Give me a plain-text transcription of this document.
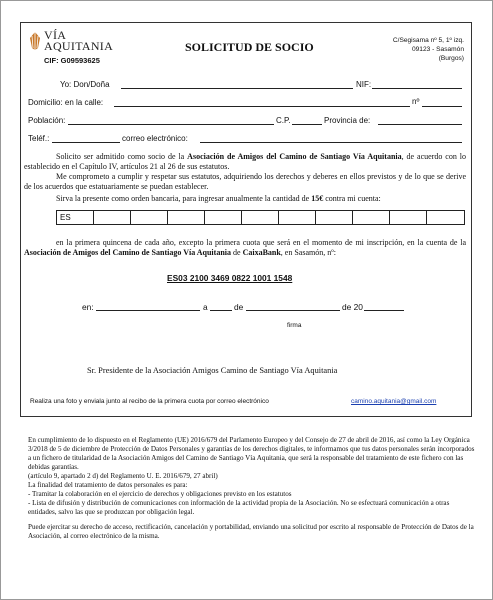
VÍA
AQUITANIA
CIF: G09593625
SOLICITUD DE SOCIO	C/Segisama nº 5, 1º izq.
09123 - Sasamón
(Burgos)
Yo: Don/Doña	NIF:
Domicilio: en la calle:	nº
Población:	C.P.	Provincia de:
Teléf.:	correo electrónico:
Solicito ser admitido como socio de la Asociación de Amigos del Camino de Santiago Vía Aquitania, de acuerdo con lo establecido en el Capítulo IV, artículos 21 al 26 de sus estatutos.
Me comprometo a cumplir y respetar sus estatutos, adquiriendo los derechos y deberes en ellos previstos y de lo que se derive de los acuerdos que estatuariamente se puedan establecer.
Sirva la presente como orden bancaria, para ingresar anualmente la cantidad de 15€ contra mi cuenta:
ES
en la primera quincena de cada año, excepto la primera cuota que será en el momento de mi inscripción, en la cuenta de la Asociación de Amigos del Camino de Santiago Vía Aquitania de CaixaBank, en Sasamón, nº:
ES03 2100 3469 0822 1001 1548
en:	a	de	de 20
firma
Sr. Presidente de la Asociación Amigos Camino de Santiago Vía Aquitania
Realiza una foto y enviala junto al recibo de la primera cuota por correo electrónico	camino.aquitania@gmail.com
En cumplimiento de lo dispuesto en el Reglamento (UE) 2016/679 del Parlamento Europeo y del Consejo de 27 de abril de 2016, así como la Ley Orgánica 3/2018 de 5 de diciembre de Protección de Datos Personales y garantías de los derechos digitales, te informamos que tus datos personales serán incorporados a un fichero de titularidad de la Asociación Amigos del Camino de Santiago Vía Aquitania, que será la responsable del tratamiento de este fichero con las debidas garantías.
(artículo 9, apartado 2 d) del Reglamento U. E. 2016/679, 27 abril)
La finalidad del tratamiento de datos personales es para:
- Tramitar la colaboración en el ejercicio de derechos y obligaciones previsto en los estatutos
- Lista de difusión y distribución de comunicaciones con información de la actividad propia de la Asociación. No se esfectuará comunicación a otras entidades, salvo las que se produzcan por obligación legal.
Puede ejercitar su derecho de acceso, rectificación, cancelación y portabilidad, enviando una solicitud por escrito al responsable de Protección de Datos de la Asociación, al correo electrónico de la misma.
